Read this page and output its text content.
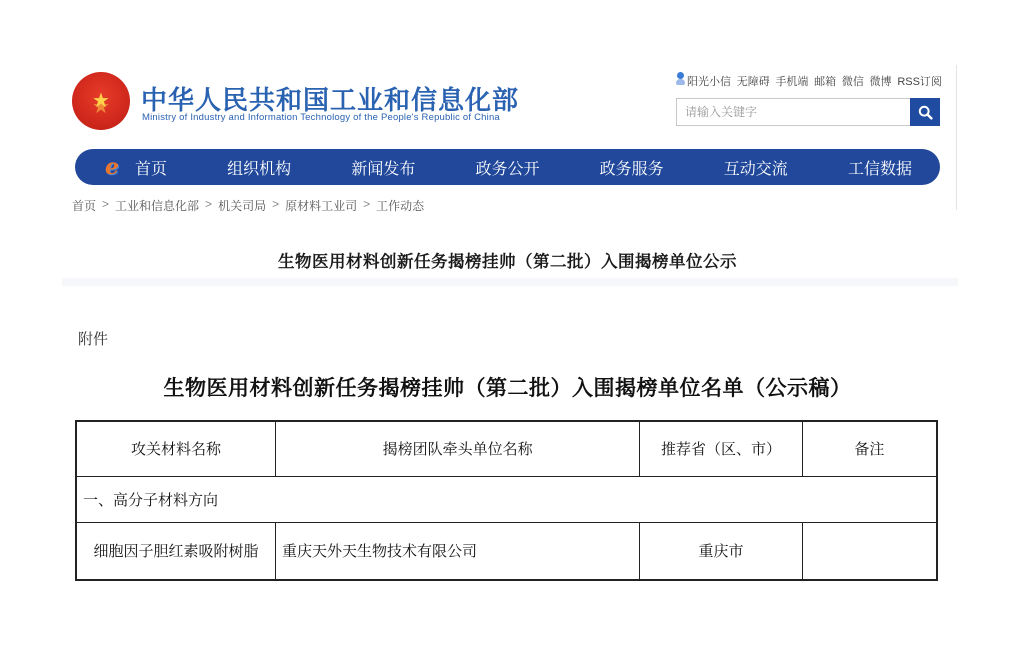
★ 中华人民共和国工业和信息化部
Ministry of Industry and Information Technology of the People's Republic of China
阳光小信 无障碍 手机端 邮箱 微信 微博 RSS订阅
请输入关键字
e 首页	组织机构	新闻发布	政务公开	政务服务	互动交流	工信数据
首页 > 工业和信息化部 > 机关司局 > 原材料工业司 > 工作动态
生物医用材料创新任务揭榜挂帅（第二批）入围揭榜单位公示
附件
生物医用材料创新任务揭榜挂帅（第二批）入围揭榜单位名单（公示稿）
攻关材料名称	揭榜团队牵头单位名称	推荐省（区、市）	备注
一、高分子材料方向			
细胞因子胆红素吸附树脂	重庆天外天生物技术有限公司	重庆市	
